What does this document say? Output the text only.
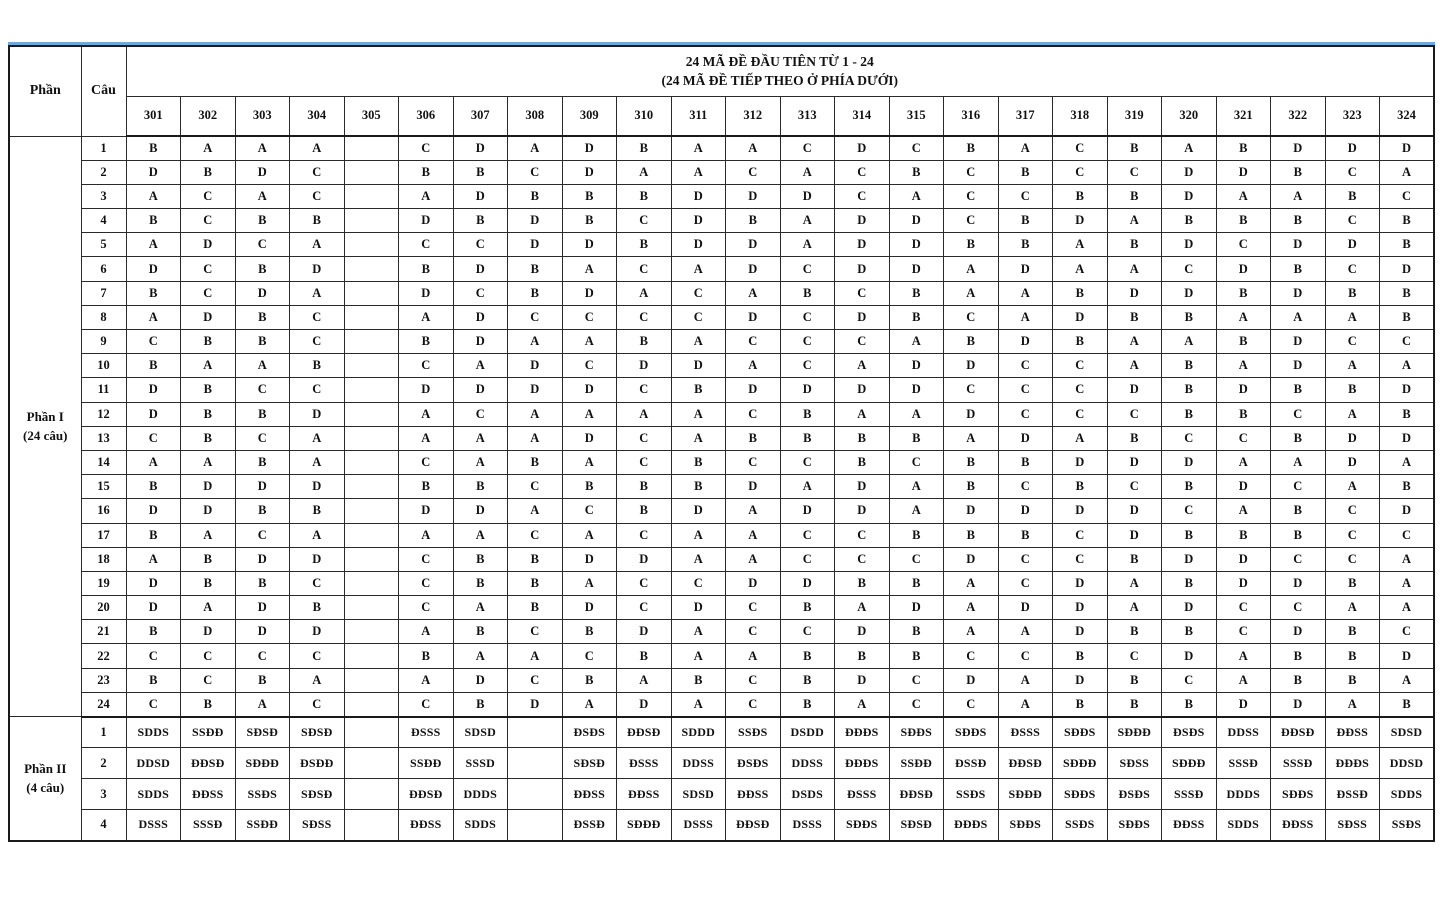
Phần	Câu	24 MÃ ĐỀ ĐẦU TIÊN TỪ 1 - 24
(24 MÃ ĐỀ TIẾP THEO Ở PHÍA DƯỚI)																							

		301	302	303	304	305	306	307	308	309	310	311	312	313	314	315	316	317	318	319	320	321	322	323	324

Phần I
(24 câu)	1	B	A	A	A		C	D	A	D	B	A	A	C	D	C	B	A	C	B	A	B	D	D	D
	2	D	B	D	C		B	B	C	D	A	A	C	A	C	B	C	B	C	C	D	D	B	C	A
	3	A	C	A	C		A	D	B	B	B	D	D	D	C	A	C	C	B	B	D	A	A	B	C
	4	B	C	B	B		D	B	D	B	C	D	B	A	D	D	C	B	D	A	B	B	B	C	B
	5	A	D	C	A		C	C	D	D	B	D	D	A	D	D	B	B	A	B	D	C	D	D	B
	6	D	C	B	D		B	D	B	A	C	A	D	C	D	D	A	D	A	A	C	D	B	C	D
	7	B	C	D	A		D	C	B	D	A	C	A	B	C	B	A	A	B	D	D	B	D	B	B
	8	A	D	B	C		A	D	C	C	C	C	D	C	D	B	C	A	D	B	B	A	A	A	B
	9	C	B	B	C		B	D	A	A	B	A	C	C	C	A	B	D	B	A	A	B	D	C	C
	10	B	A	A	B		C	A	D	C	D	D	A	C	A	D	D	C	C	A	B	A	D	A	A
	11	D	B	C	C		D	D	D	D	C	B	D	D	D	D	C	C	C	D	B	D	B	B	D
	12	D	B	B	D		A	C	A	A	A	A	C	B	A	A	D	C	C	C	B	B	C	A	B
	13	C	B	C	A		A	A	A	D	C	A	B	B	B	B	A	D	A	B	C	C	B	D	D
	14	A	A	B	A		C	A	B	A	C	B	C	C	B	C	B	B	D	D	D	A	A	D	A
	15	B	D	D	D		B	B	C	B	B	B	D	A	D	A	B	C	B	C	B	D	C	A	B
	16	D	D	B	B		D	D	A	C	B	D	A	D	D	A	D	D	D	D	C	A	B	C	D
	17	B	A	C	A		A	A	C	A	C	A	A	C	C	B	B	B	C	D	B	B	B	C	C
	18	A	B	D	D		C	B	B	D	D	A	A	C	C	C	D	C	C	B	D	D	C	C	A
	19	D	B	B	C		C	B	B	A	C	C	D	D	B	B	A	C	D	A	B	D	D	B	A
	20	D	A	D	B		C	A	B	D	C	D	C	B	A	D	A	D	D	A	D	C	C	A	A
	21	B	D	D	D		A	B	C	B	D	A	C	C	D	B	A	A	D	B	B	C	D	B	C
	22	C	C	C	C		B	A	A	C	B	A	A	B	B	B	C	C	B	C	D	A	B	B	D
	23	B	C	B	A		A	D	C	B	A	B	C	B	D	C	D	A	D	B	C	A	B	B	A
	24	C	B	A	C		C	B	D	A	D	A	C	B	A	C	C	A	B	B	B	D	D	A	B

Phần II
(4 câu)	1	SDDS	SSĐĐ	SĐSĐ	SĐSĐ		ĐSSS	SDSD		ĐSĐS	ĐĐSĐ	SDDD	SSĐS	DSDD	ĐĐĐS	SĐĐS	SĐĐS	ĐSSS	SĐĐS	SĐĐĐ	ĐSĐS	DDSS	ĐĐSĐ	ĐĐSS	SDSD
	2	DDSD	ĐĐSĐ	SĐĐĐ	ĐSĐĐ		SSĐĐ	SSSD		SĐSĐ	ĐSSS	DDSS	ĐSĐS	DDSS	ĐĐĐS	SSĐĐ	ĐSSĐ	ĐĐSĐ	SĐĐĐ	SĐSS	SĐĐĐ	SSSĐ	SSSĐ	ĐĐĐS	DDSD
	3	SDDS	ĐĐSS	SSĐS	SĐSĐ		ĐĐSĐ	DDDS		ĐĐSS	ĐĐSS	SDSD	ĐĐSS	DSDS	ĐSSS	ĐĐSĐ	SSĐS	SĐĐĐ	SĐĐS	ĐSĐS	SSSĐ	DDDS	SĐĐS	ĐSSĐ	SDDS
	4	DSSS	SSSĐ	SSĐĐ	SĐSS		ĐĐSS	SDDS		ĐSSĐ	SĐĐĐ	DSSS	ĐĐSĐ	DSSS	SĐĐS	SĐSĐ	ĐĐĐS	SĐĐS	SSĐS	SĐĐS	ĐĐSS	SDDS	ĐĐSS	SĐSS	SSĐS
